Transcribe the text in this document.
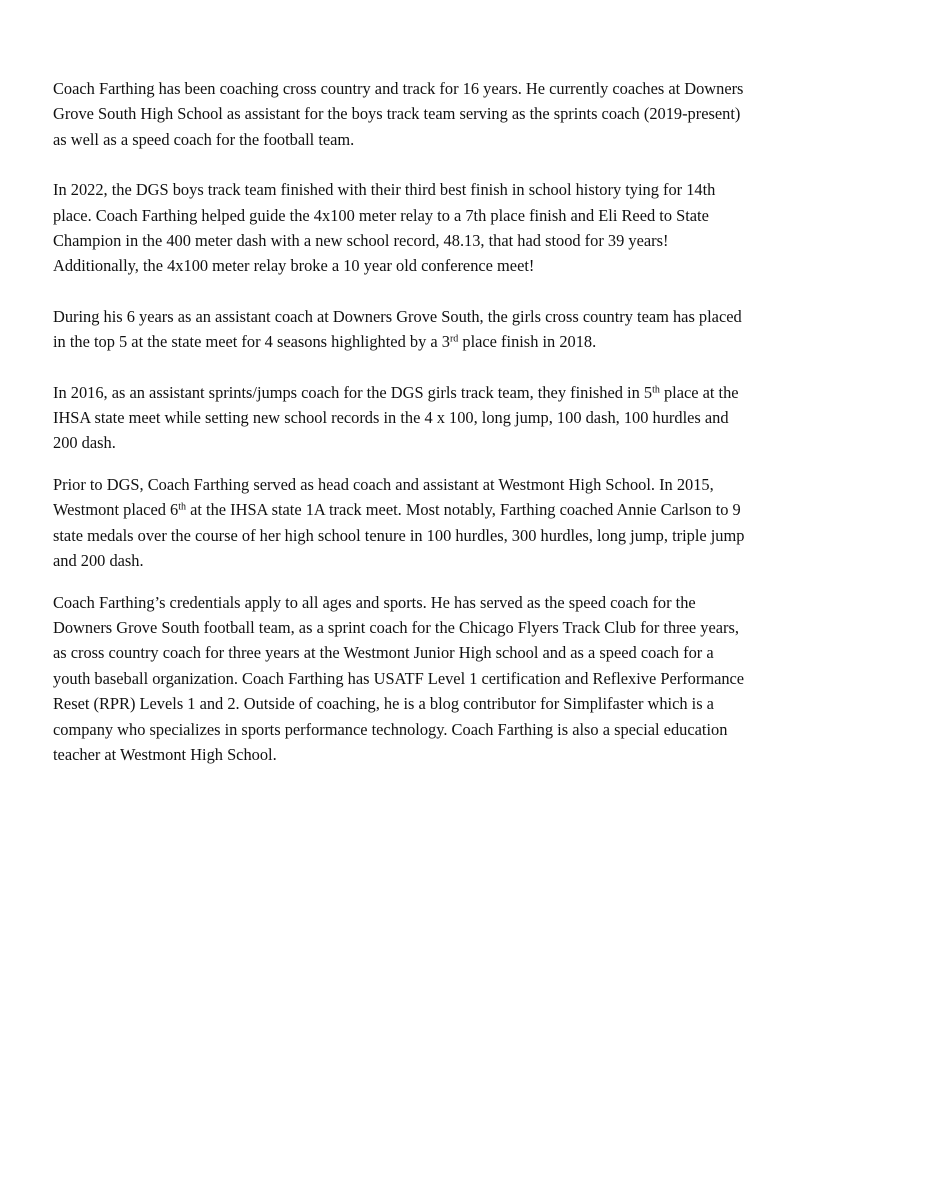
Coach Farthing has been coaching cross country and track for 16 years. He currently coaches at Downers
Grove South High School as assistant for the boys track team serving as the sprints coach (2019-present)
as well as a speed coach for the football team.

In 2022, the DGS boys track team finished with their third best finish in school history tying for 14th
place. Coach Farthing helped guide the 4x100 meter relay to a 7th place finish and Eli Reed to State
Champion in the 400 meter dash with a new school record, 48.13, that had stood for 39 years!
Additionally, the 4x100 meter relay broke a 10 year old conference meet!

During his 6 years as an assistant coach at Downers Grove South, the girls cross country team has placed
in the top 5 at the state meet for 4 seasons highlighted by a 3rd place finish in 2018.

In 2016, as an assistant sprints/jumps coach for the DGS girls track team, they finished in 5th place at the
IHSA state meet while setting new school records in the 4 x 100, long jump, 100 dash, 100 hurdles and
200 dash.

Prior to DGS, Coach Farthing served as head coach and assistant at Westmont High School. In 2015,
Westmont placed 6th at the IHSA state 1A track meet. Most notably, Farthing coached Annie Carlson to 9
state medals over the course of her high school tenure in 100 hurdles, 300 hurdles, long jump, triple jump
and 200 dash.

Coach Farthing’s credentials apply to all ages and sports. He has served as the speed coach for the
Downers Grove South football team, as a sprint coach for the Chicago Flyers Track Club for three years,
as cross country coach for three years at the Westmont Junior High school and as a speed coach for a
youth baseball organization. Coach Farthing has USATF Level 1 certification and Reflexive Performance
Reset (RPR) Levels 1 and 2. Outside of coaching, he is a blog contributor for Simplifaster which is a
company who specializes in sports performance technology. Coach Farthing is also a special education
teacher at Westmont High School.
